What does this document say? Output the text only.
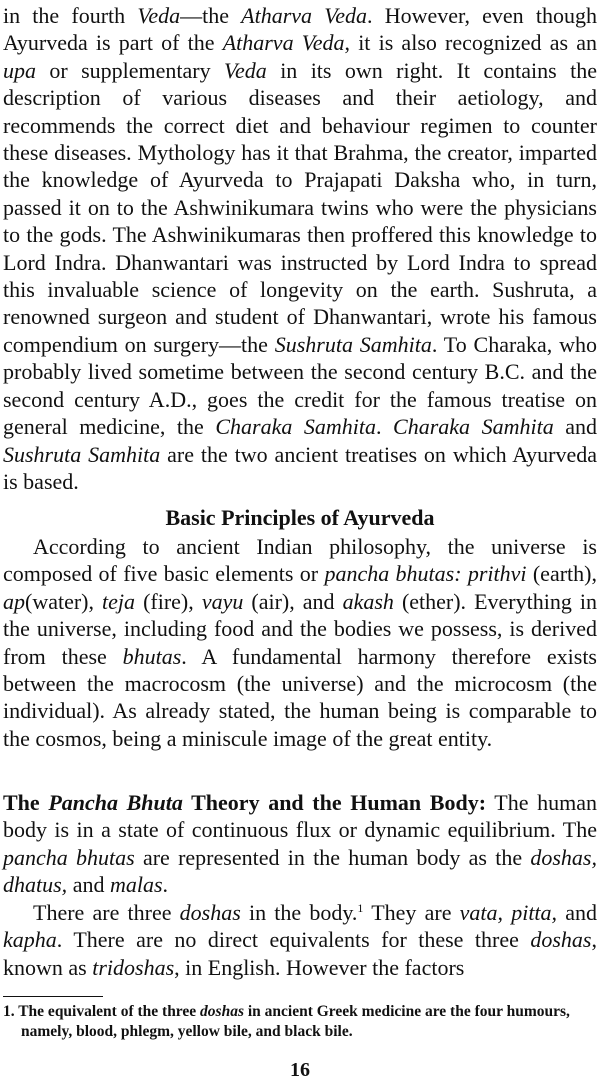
in the fourth Veda—the Atharva Veda. However, even though Ayurveda is part of the Atharva Veda, it is also recognized as an upa or supplementary Veda in its own right. It contains the description of various diseases and their aetiology, and recommends the correct diet and behaviour regimen to counter these diseases. Mythology has it that Brahma, the creator, imparted the knowledge of Ayurveda to Prajapati Daksha who, in turn, passed it on to the Ashwinikumara twins who were the physicians to the gods. The Ashwinikumaras then proffered this knowledge to Lord Indra. Dhanwantari was instructed by Lord Indra to spread this invaluable science of longevity on the earth. Sushruta, a renowned surgeon and student of Dhanwantari, wrote his famous compendium on surgery—the Sushruta Samhita. To Charaka, who probably lived sometime between the second century B.C. and the second century A.D., goes the credit for the famous treatise on general medicine, the Charaka Samhita. Charaka Samhita and Sushruta Samhita are the two ancient treatises on which Ayurveda is based.

Basic Principles of Ayurveda

According to ancient Indian philosophy, the universe is composed of five basic elements or pancha bhutas: prithvi (earth), ap(water), teja (fire), vayu (air), and akash (ether). Everything in the universe, including food and the bodies we possess, is derived from these bhutas. A fundamental harmony therefore exists between the macrocosm (the universe) and the microcosm (the individual). As already stated, the human being is comparable to the cosmos, being a miniscule image of the great entity.

The Pancha Bhuta Theory and the Human Body: The human body is in a state of continuous flux or dynamic equilibrium. The pancha bhutas are represented in the human body as the doshas, dhatus, and malas.

There are three doshas in the body.$^1$ They are vata, pitta, and kapha. There are no direct equivalents for these three doshas, known as tridoshas, in English. However the factors

1. The equivalent of the three doshas in ancient Greek medicine are the four humours, namely, blood, phlegm, yellow bile, and black bile.

16
